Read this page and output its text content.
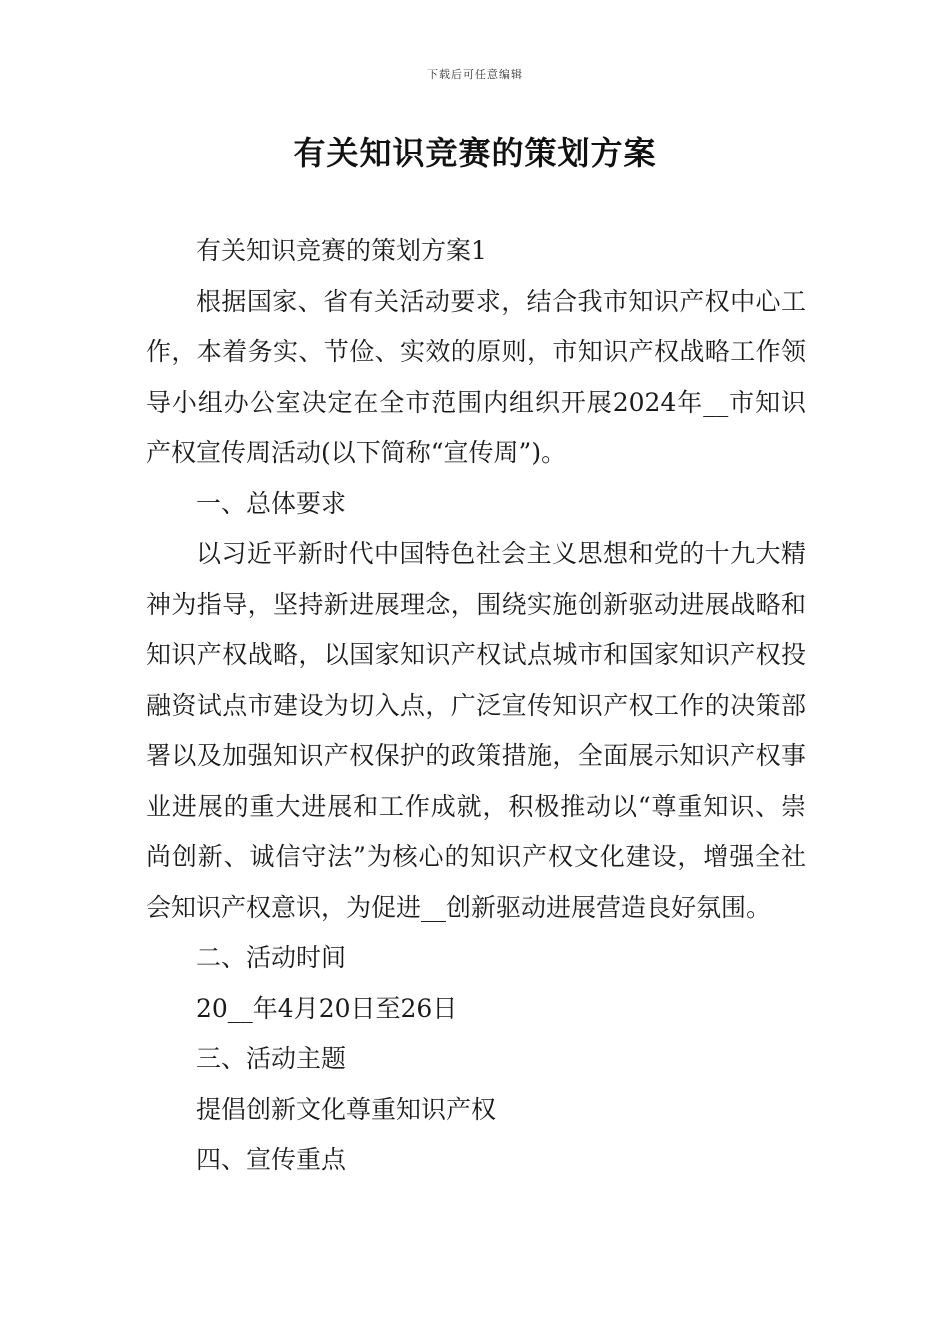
下载后可任意编辑
有关知识竞赛的策划方案

有关知识竞赛的策划方案1

根据国家、省有关活动要求，结合我市知识产权中心工作，本着务实、节俭、实效的原则，市知识产权战略工作领导小组办公室决定在全市范围内组织开展2024年__市知识产权宣传周活动(以下简称“宣传周”)。

一、总体要求

以习近平新时代中国特色社会主义思想和党的十九大精神为指导，坚持新进展理念，围绕实施创新驱动进展战略和知识产权战略，以国家知识产权试点城市和国家知识产权投融资试点市建设为切入点，广泛宣传知识产权工作的决策部署以及加强知识产权保护的政策措施，全面展示知识产权事业进展的重大进展和工作成就，积极推动以“尊重知识、崇尚创新、诚信守法”为核心的知识产权文化建设，增强全社会知识产权意识，为促进__创新驱动进展营造良好氛围。

二、活动时间

20__年4月20日至26日

三、活动主题

提倡创新文化尊重知识产权

四、宣传重点
